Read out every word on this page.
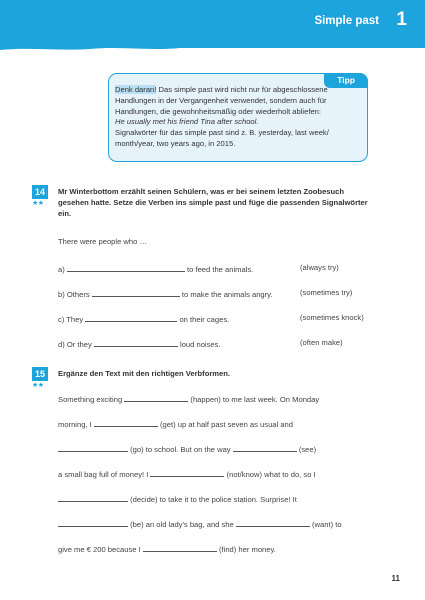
Simple past 1
Tipp
Denk daran! Das simple past wird nicht nur für abgeschlossene
Handlungen in der Vergangenheit verwendet, sondern auch für
Handlungen, die gewohnheitsmäßig oder wiederholt abliefen:
He usually met his friend Tina after school.
Signalwörter für das simple past sind z. B. yesterday, last week/
month/year, two years ago, in 2015.
14
★★
Mr Winterbottom erzählt seinen Schülern, was er bei seinem letzten Zoobesuch gesehen hatte. Setze die Verben ins simple past und füge die passenden Signalwörter ein.
There were people who …
a)	to feed the animals.	(always try)
b) Others	to make the animals angry.	(sometimes try)
c) They	on their cages.	(sometimes knock)
d) Or they	loud noises.	(often make)
15
★★
Ergänze den Text mit den richtigen Verbformen.
Something exciting	(happen) to me last week. On Monday
morning, I	(get) up at half past seven as usual and
(go) to school. But on the way	(see)
a small bag full of money! I	(not/know) what to do, so I
(decide) to take it to the police station. Surprise! It
(be) an old lady's bag, and she	(want) to
give me € 200 because I	(find) her money.
11
